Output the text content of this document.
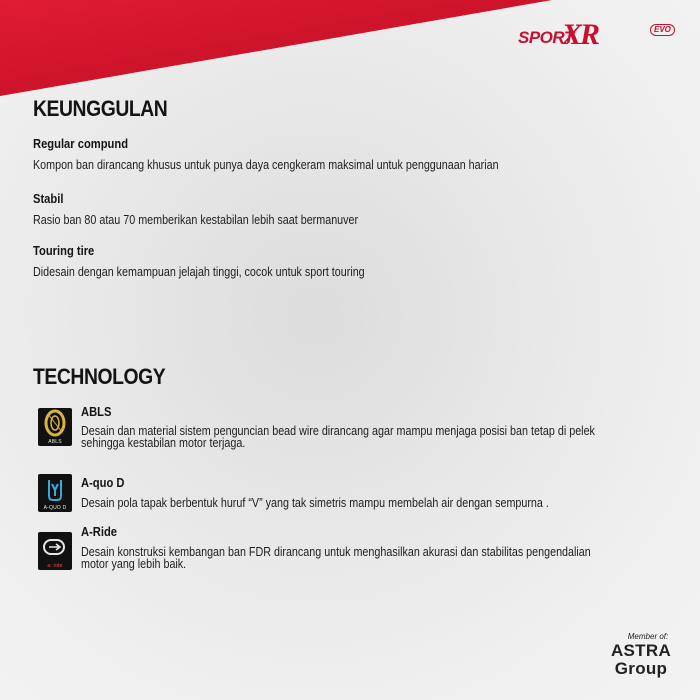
SPORT
XR	EVO
KEUNGGULAN

Regular compund

Kompon ban dirancang khusus untuk punya daya cengkeram maksimal untuk penggunaan harian

Stabil

Rasio ban 80 atau 70 memberikan kestabilan lebih saat bermanuver

Touring tire

Didesain dengan kemampuan jelajah tinggi, cocok untuk sport touring

TECHNOLOGY
ABLS

ABLS

Desain dan material sistem penguncian bead wire dirancang agar mampu menjaga posisi ban tetap di pelek sehingga kestabilan motor terjaga.

A-QUO D

A-quo D

Desain pola tapak berbentuk huruf “V” yang tak simetris mampu membelah air dengan sempurna .

a: ride

A-Ride

Desain konstruksi kembangan ban FDR dirancang untuk menghasilkan akurasi dan stabilitas pengendalian motor yang lebih baik.

Member of:
ASTRA
Group
